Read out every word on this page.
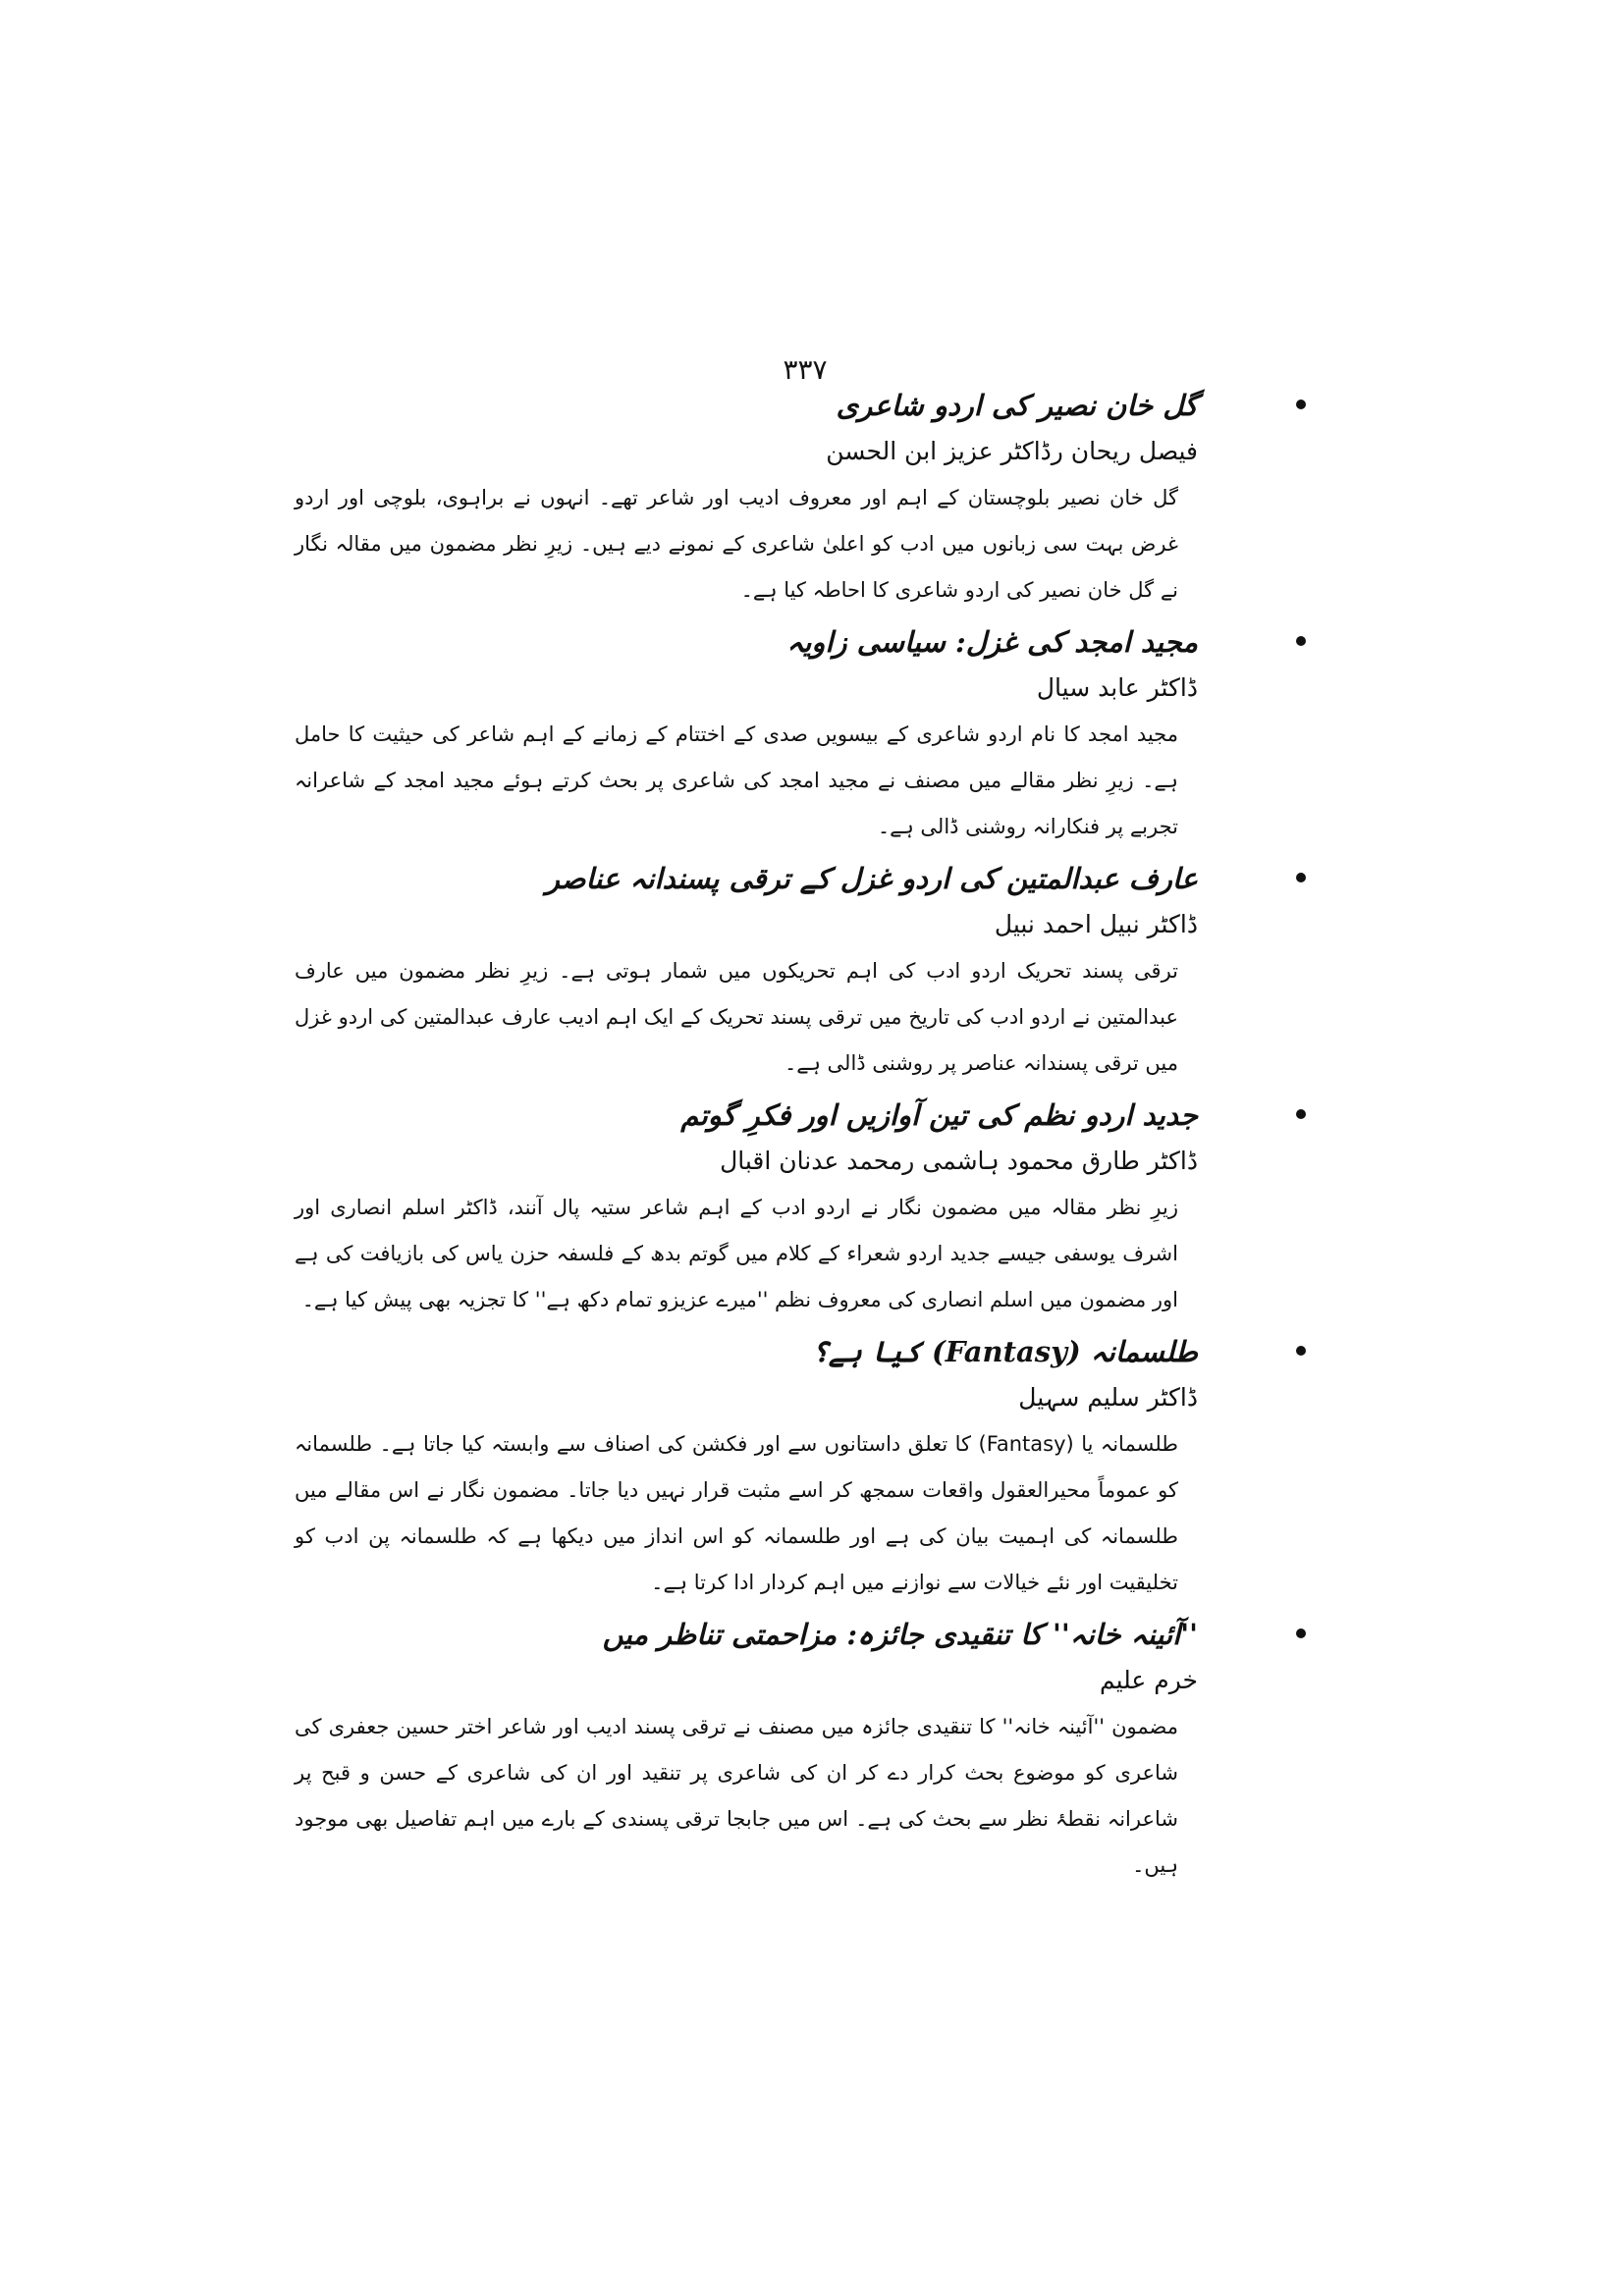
۳۳۷
گل خان نصیر کی اردو شاعری
فیصل ریحان رڈاکٹر عزیز ابن الحسن
گل خان نصیر بلوچستان کے اہم اور معروف ادیب اور شاعر تھے۔ انہوں نے براہوی، بلوچی اور اردو غرض بہت سی زبانوں میں ادب کو اعلیٰ شاعری کے نمونے دیے ہیں۔ زیرِ نظر مضمون میں مقالہ نگار نے گل خان نصیر کی اردو شاعری کا احاطہ کیا ہے۔
مجید امجد کی غزل: سیاسی زاویہ
ڈاکٹر عابد سیال
مجید امجد کا نام اردو شاعری کے بیسویں صدی کے اختتام کے زمانے کے اہم شاعر کی حیثیت کا حامل ہے۔ زیرِ نظر مقالے میں مصنف نے مجید امجد کی شاعری پر بحث کرتے ہوئے مجید امجد کے شاعرانہ تجربے پر فنکارانہ روشنی ڈالی ہے۔
عارف عبدالمتین کی اردو غزل کے ترقی پسندانہ عناصر
ڈاکٹر نبیل احمد نبیل
ترقی پسند تحریک اردو ادب کی اہم تحریکوں میں شمار ہوتی ہے۔ زیرِ نظر مضمون میں عارف عبدالمتین نے اردو ادب کی تاریخ میں ترقی پسند تحریک کے ایک اہم ادیب عارف عبدالمتین کی اردو غزل میں ترقی پسندانہ عناصر پر روشنی ڈالی ہے۔
جدید اردو نظم کی تین آوازیں اور فکرِ گوتم
ڈاکٹر طارق محمود ہاشمی رمحمد عدنان اقبال
زیرِ نظر مقالہ میں مضمون نگار نے اردو ادب کے اہم شاعر ستیہ پال آنند، ڈاکٹر اسلم انصاری اور اشرف یوسفی جیسے جدید اردو شعراء کے کلام میں گوتم بدھ کے فلسفہ حزن یاس کی بازیافت کی ہے اور مضمون میں اسلم انصاری کی معروف نظم ''میرے عزیزو تمام دکھ ہے'' کا تجزیہ بھی پیش کیا ہے۔
طلسمانہ (Fantasy) کیا ہے؟
ڈاکٹر سلیم سہیل
طلسمانہ یا (Fantasy) کا تعلق داستانوں سے اور فکشن کی اصناف سے وابستہ کیا جاتا ہے۔ طلسمانہ کو عموماً محیرالعقول واقعات سمجھ کر اسے مثبت قرار نہیں دیا جاتا۔ مضمون نگار نے اس مقالے میں طلسمانہ کی اہمیت بیان کی ہے اور طلسمانہ کو اس انداز میں دیکھا ہے کہ طلسمانہ پن ادب کو تخلیقیت اور نئے خیالات سے نوازنے میں اہم کردار ادا کرتا ہے۔
''آئینہ خانہ'' کا تنقیدی جائزہ: مزاحمتی تناظر میں
خرم علیم
مضمون ''آئینہ خانہ'' کا تنقیدی جائزہ میں مصنف نے ترقی پسند ادیب اور شاعر اختر حسین جعفری کی شاعری کو موضوع بحث کرار دے کر ان کی شاعری پر تنقید اور ان کی شاعری کے حسن و قبح پر شاعرانہ نقطۂ نظر سے بحث کی ہے۔ اس میں جابجا ترقی پسندی کے بارے میں اہم تفاصیل بھی موجود ہیں۔
